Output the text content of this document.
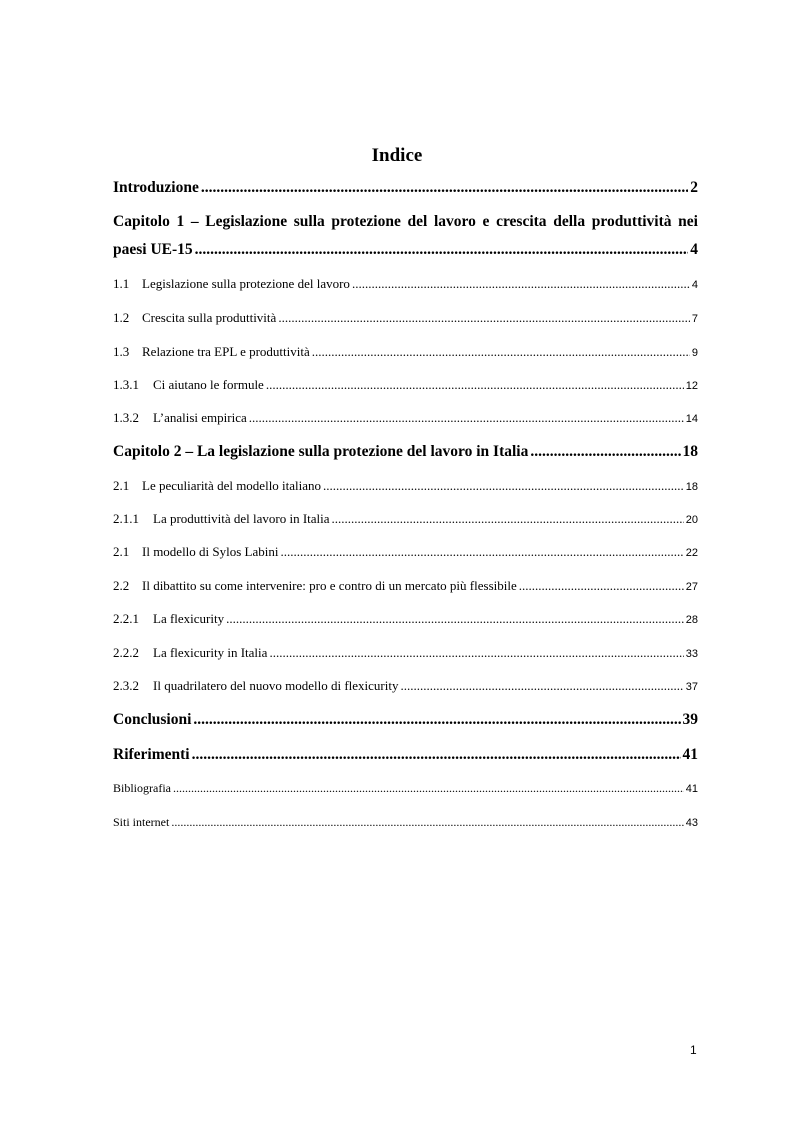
Indice
Introduzione .....	2
Capitolo 1 – Legislazione sulla protezione del lavoro e crescita della produttività nei
paesi UE-15 .....	4
1.1 Legislazione sulla protezione del lavoro .....	4
1.2 Crescita sulla produttività .....	7
1.3 Relazione tra EPL e produttività .....	9
1.3.1 Ci aiutano le formule .....	12
1.3.2 L’analisi empirica .....	14
Capitolo 2 – La legislazione sulla protezione del lavoro in Italia .....	18
2.1 Le peculiarità del modello italiano .....	18
2.1.1 La produttività del lavoro in Italia .....	20
2.1 Il modello di Sylos Labini .....	22
2.2 Il dibattito su come intervenire: pro e contro di un mercato più flessibile .....	27
2.2.1 La flexicurity .....	28
2.2.2 La flexicurity in Italia .....	33
2.3.2 Il quadrilatero del nuovo modello di flexicurity .....	37
Conclusioni .....	39
Riferimenti .....	41
Bibliografia .....	41
Siti internet .....	43
1
